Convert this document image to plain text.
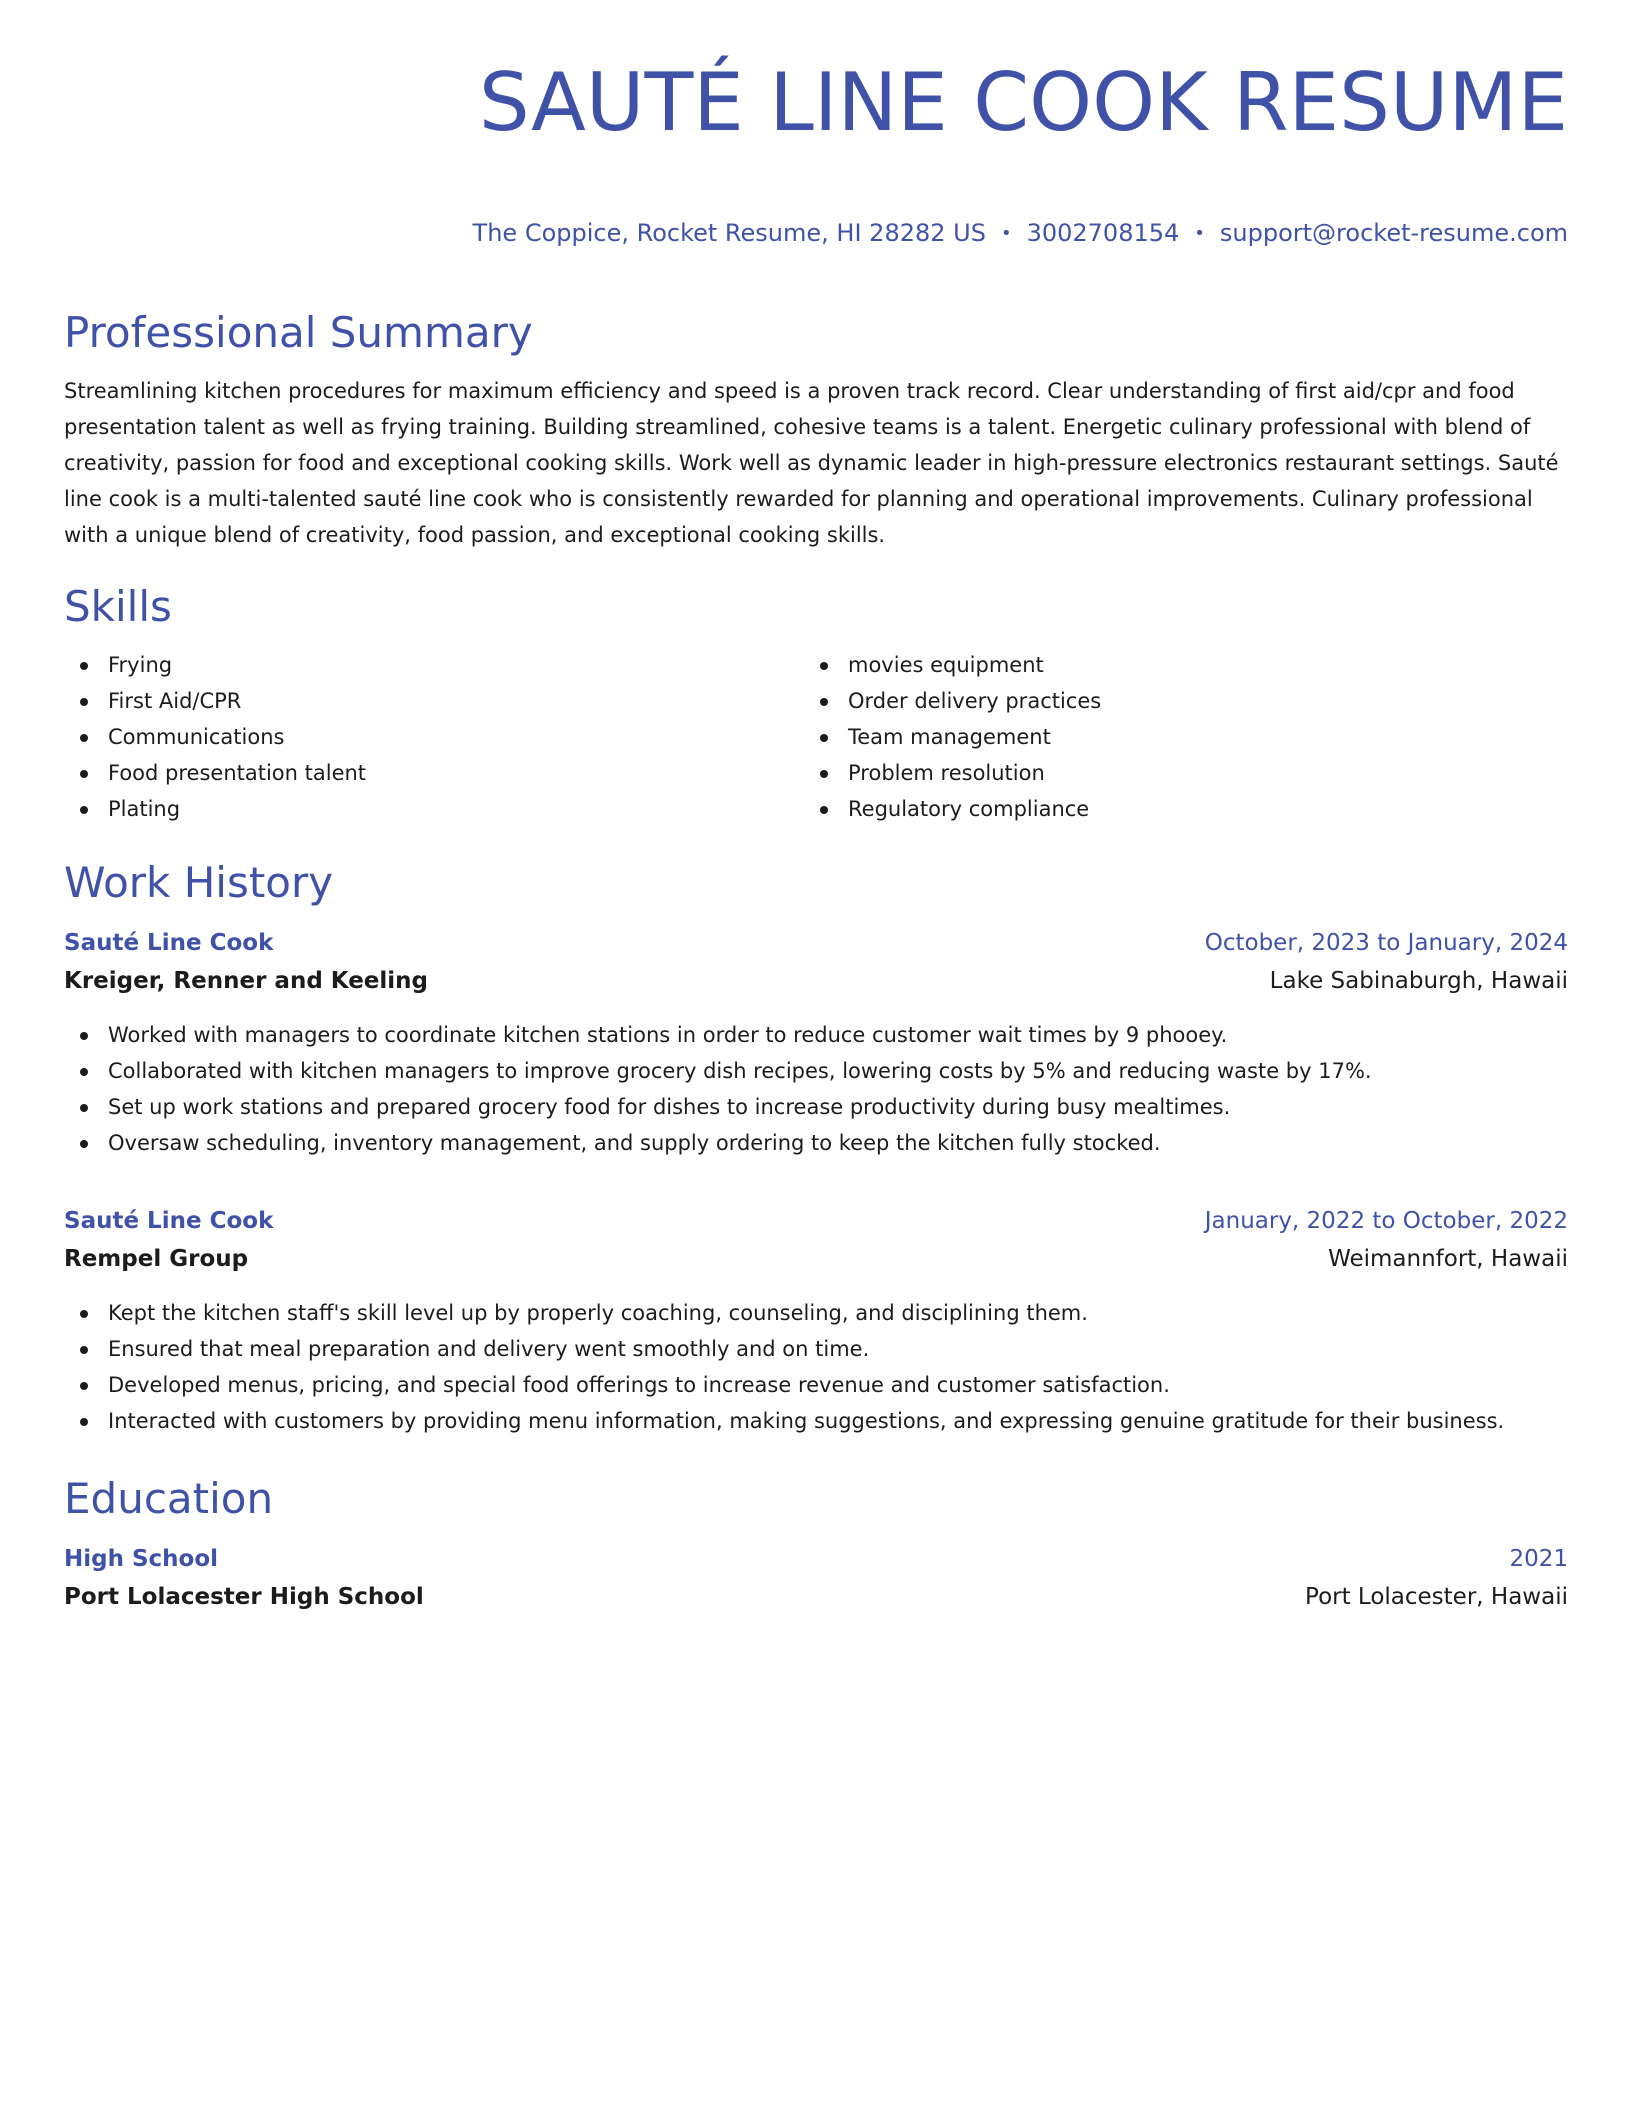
SAUTÉ LINE COOK RESUME
The Coppice, Rocket Resume, HI 28282 US • 3002708154 • support@rocket-resume.com
Professional Summary

Streamlining kitchen procedures for maximum efficiency and speed is a proven track record. Clear understanding of first aid/cpr and food presentation talent as well as frying training. Building streamlined, cohesive teams is a talent. Energetic culinary professional with blend of creativity, passion for food and exceptional cooking skills. Work well as dynamic leader in high-pressure electronics restaurant settings. Sauté line cook is a multi-talented sauté line cook who is consistently rewarded for planning and operational improvements. Culinary professional with a unique blend of creativity, food passion, and exceptional cooking skills.

Skills
Frying
First Aid/CPR
Communications
Food presentation talent
Plating
movies equipment
Order delivery practices
Team management
Problem resolution
Regulatory compliance
Work History
Sauté Line Cook	October, 2023 to January, 2024
Kreiger, Renner and Keeling	Lake Sabinaburgh, Hawaii
Worked with managers to coordinate kitchen stations in order to reduce customer wait times by 9 phooey.
Collaborated with kitchen managers to improve grocery dish recipes, lowering costs by 5% and reducing waste by 17%.
Set up work stations and prepared grocery food for dishes to increase productivity during busy mealtimes.
Oversaw scheduling, inventory management, and supply ordering to keep the kitchen fully stocked.
Sauté Line Cook	January, 2022 to October, 2022
Rempel Group	Weimannfort, Hawaii
Kept the kitchen staff's skill level up by properly coaching, counseling, and disciplining them.
Ensured that meal preparation and delivery went smoothly and on time.
Developed menus, pricing, and special food offerings to increase revenue and customer satisfaction.
Interacted with customers by providing menu information, making suggestions, and expressing genuine gratitude for their business.
Education
High School	2021
Port Lolacester High School	Port Lolacester, Hawaii
